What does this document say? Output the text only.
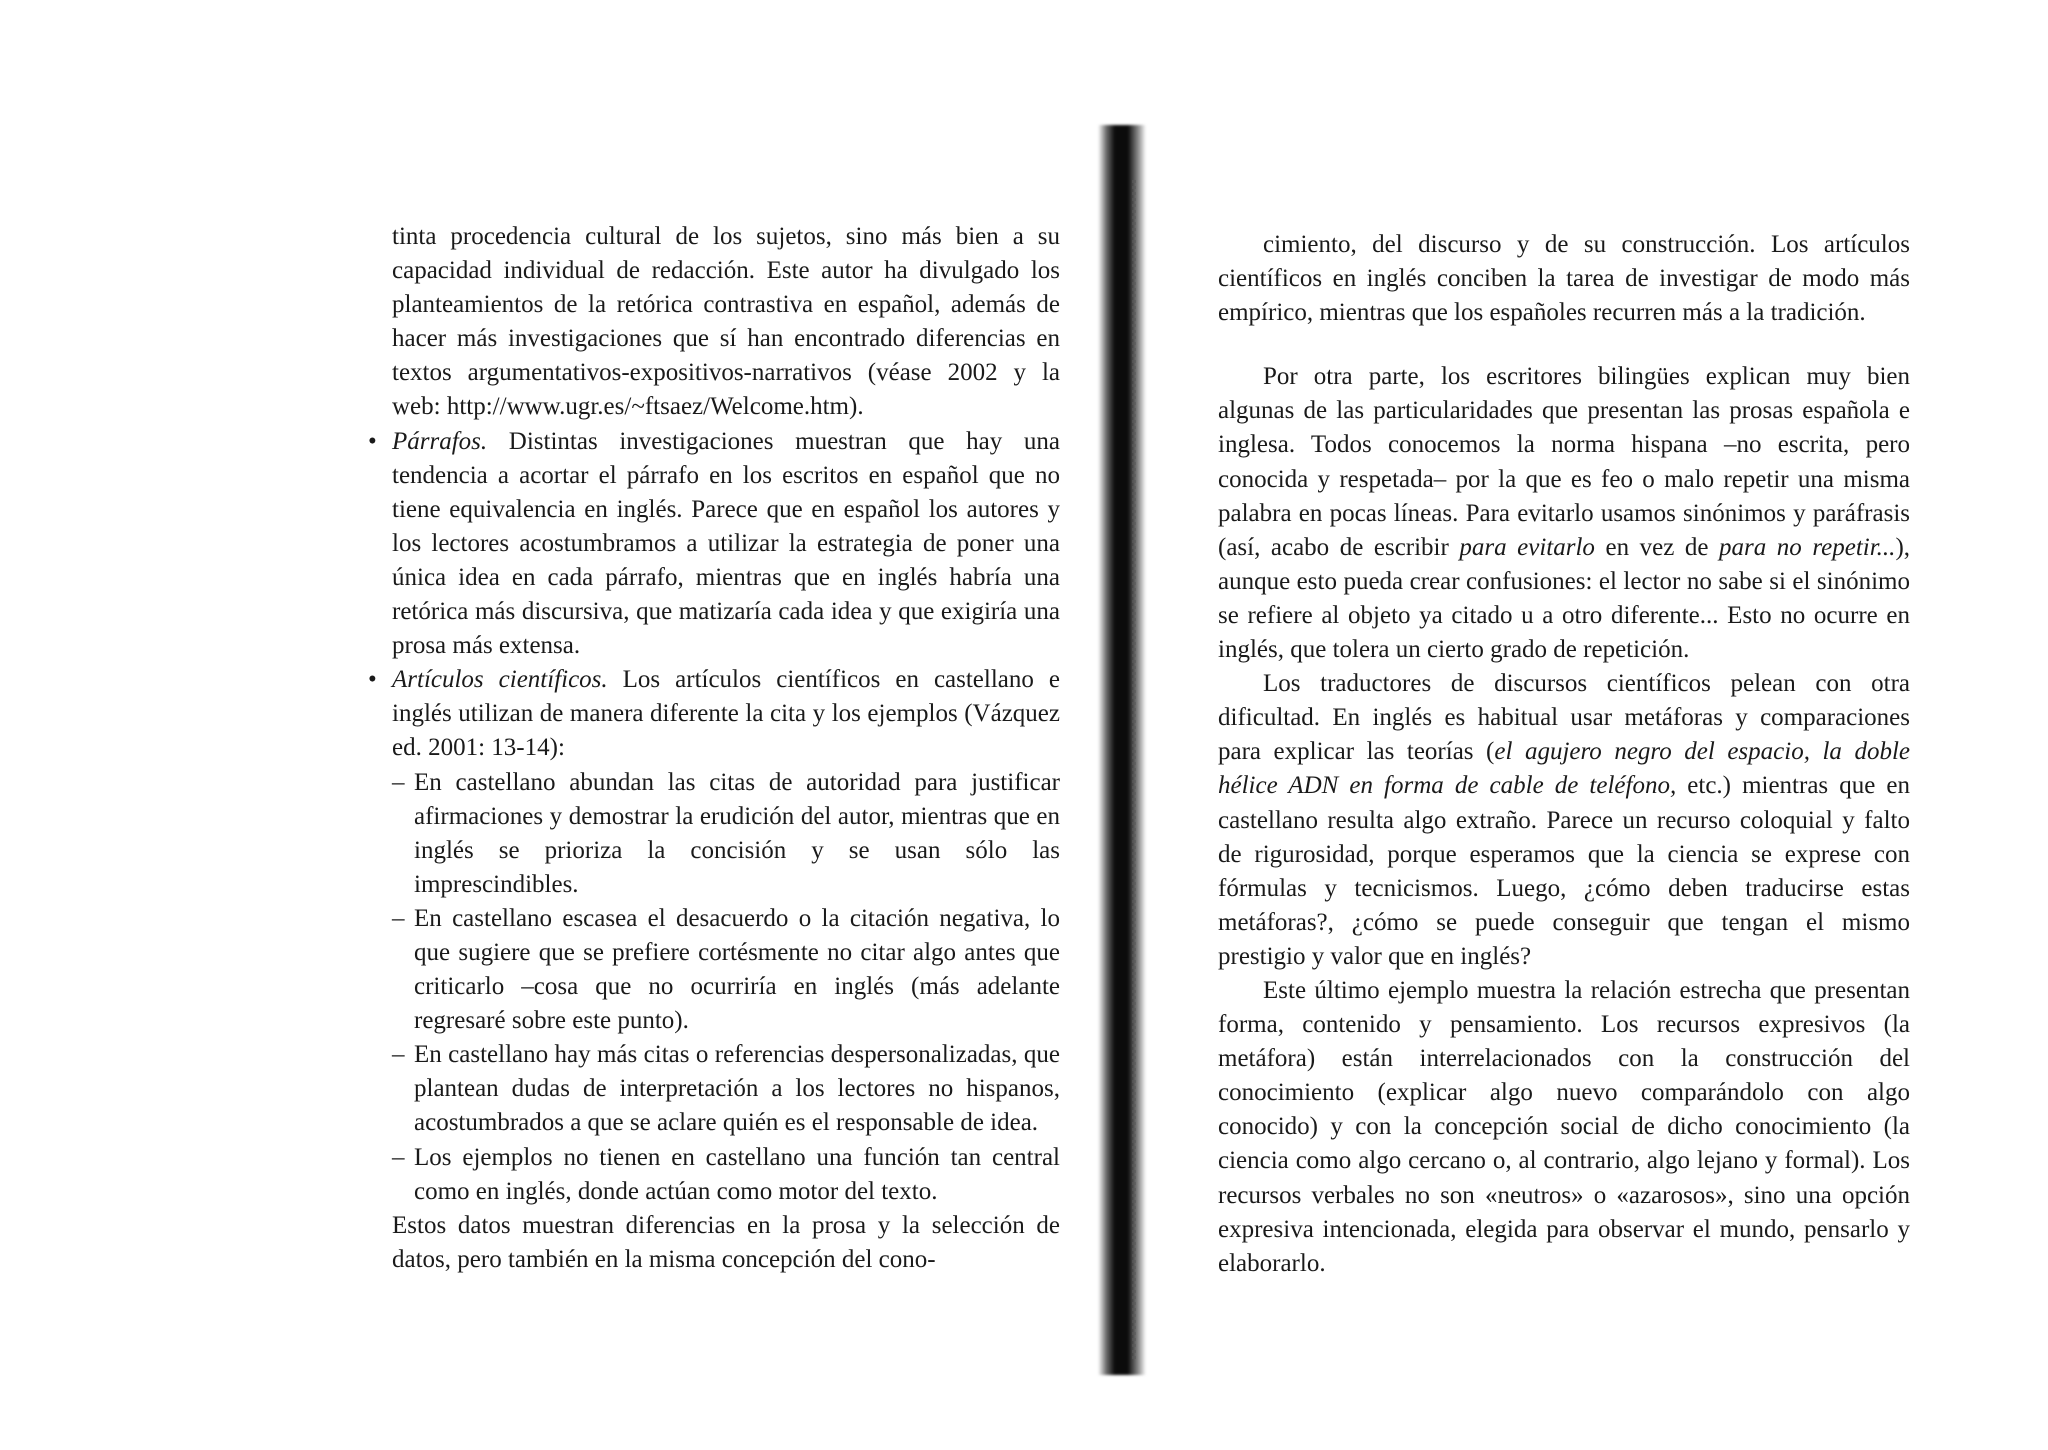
tinta procedencia cultural de los sujetos, sino más bien a su capacidad individual de redacción. Este autor ha divulgado los planteamientos de la retórica contrastiva en español, además de hacer más investigaciones que sí han encontrado diferencias en textos argumentativos-expositivos-narrativos (véase 2002 y la web: http://www.ugr.es/~ftsaez/Welcome.htm).

• Párrafos. Distintas investigaciones muestran que hay una tendencia a acortar el párrafo en los escritos en español que no tiene equivalencia en inglés. Parece que en español los autores y los lectores acostumbramos a utilizar la estrategia de poner una única idea en cada párrafo, mientras que en inglés habría una retórica más discursiva, que matizaría cada idea y que exigiría una prosa más extensa.
• Artículos científicos. Los artículos científicos en castellano e inglés utilizan de manera diferente la cita y los ejemplos (Vázquez ed. 2001: 13-14):
– En castellano abundan las citas de autoridad para justificar afirmaciones y demostrar la erudición del autor, mientras que en inglés se prioriza la concisión y se usan sólo las imprescindibles.
– En castellano escasea el desacuerdo o la citación negativa, lo que sugiere que se prefiere cortésmente no citar algo antes que criticarlo –cosa que no ocurriría en inglés (más adelante regresaré sobre este punto).
– En castellano hay más citas o referencias despersonalizadas, que plantean dudas de interpretación a los lectores no hispanos, acostumbrados a que se aclare quién es el responsable de idea.
– Los ejemplos no tienen en castellano una función tan central como en inglés, donde actúan como motor del texto.

Estos datos muestran diferencias en la prosa y la selección de datos, pero también en la misma concepción del cono-

cimiento, del discurso y de su construcción. Los artículos científicos en inglés conciben la tarea de investigar de modo más empírico, mientras que los españoles recurren más a la tradición.

Por otra parte, los escritores bilingües explican muy bien algunas de las particularidades que presentan las prosas española e inglesa. Todos conocemos la norma hispana –no escrita, pero conocida y respetada– por la que es feo o malo repetir una misma palabra en pocas líneas. Para evitarlo usamos sinónimos y paráfrasis (así, acabo de escribir para evitarlo en vez de para no repetir...), aunque esto pueda crear confusiones: el lector no sabe si el sinónimo se refiere al objeto ya citado u a otro diferente... Esto no ocurre en inglés, que tolera un cierto grado de repetición.

Los traductores de discursos científicos pelean con otra dificultad. En inglés es habitual usar metáforas y comparaciones para explicar las teorías (el agujero negro del espacio, la doble hélice ADN en forma de cable de teléfono, etc.) mientras que en castellano resulta algo extraño. Parece un recurso coloquial y falto de rigurosidad, porque esperamos que la ciencia se exprese con fórmulas y tecnicismos. Luego, ¿cómo deben traducirse estas metáforas?, ¿cómo se puede conseguir que tengan el mismo prestigio y valor que en inglés?

Este último ejemplo muestra la relación estrecha que presentan forma, contenido y pensamiento. Los recursos expresivos (la metáfora) están interrelacionados con la construcción del conocimiento (explicar algo nuevo comparándolo con algo conocido) y con la concepción social de dicho conocimiento (la ciencia como algo cercano o, al contrario, algo lejano y formal). Los recursos verbales no son «neutros» o «azarosos», sino una opción expresiva intencionada, elegida para observar el mundo, pensarlo y elaborarlo.
